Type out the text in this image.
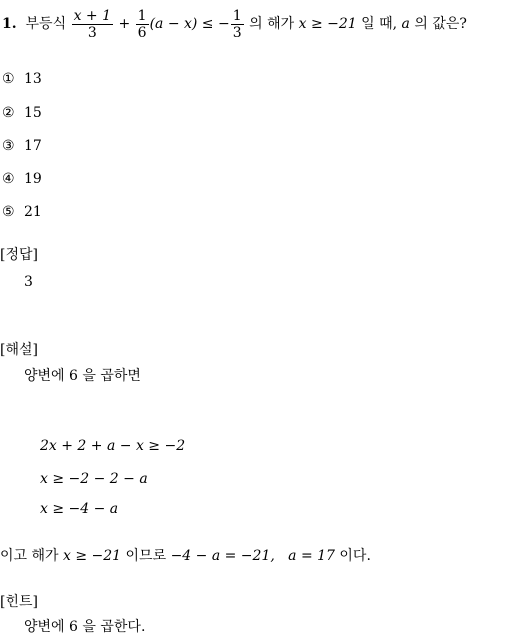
1. 부등식 $\frac{x + 1}{3} + \frac{1}{6} (a - x)$ ≤ − $\frac{1}{3}$ 의 해가 x ≥ −21 일 때, a 의 값은?
① 13
② 15
③ 17
④ 19
⑤ 21
[정답]
3
[해설]
양변에 6 을 곱하면
2x + 2 + a − x ≥ −2
x ≥ −2 − 2 − a
x ≥ −4 − a
이고 해가 x ≥ −21 이므로 −4 − a = −21,   a = 17 이다.
[힌트]
양변에 6 을 곱한다.
